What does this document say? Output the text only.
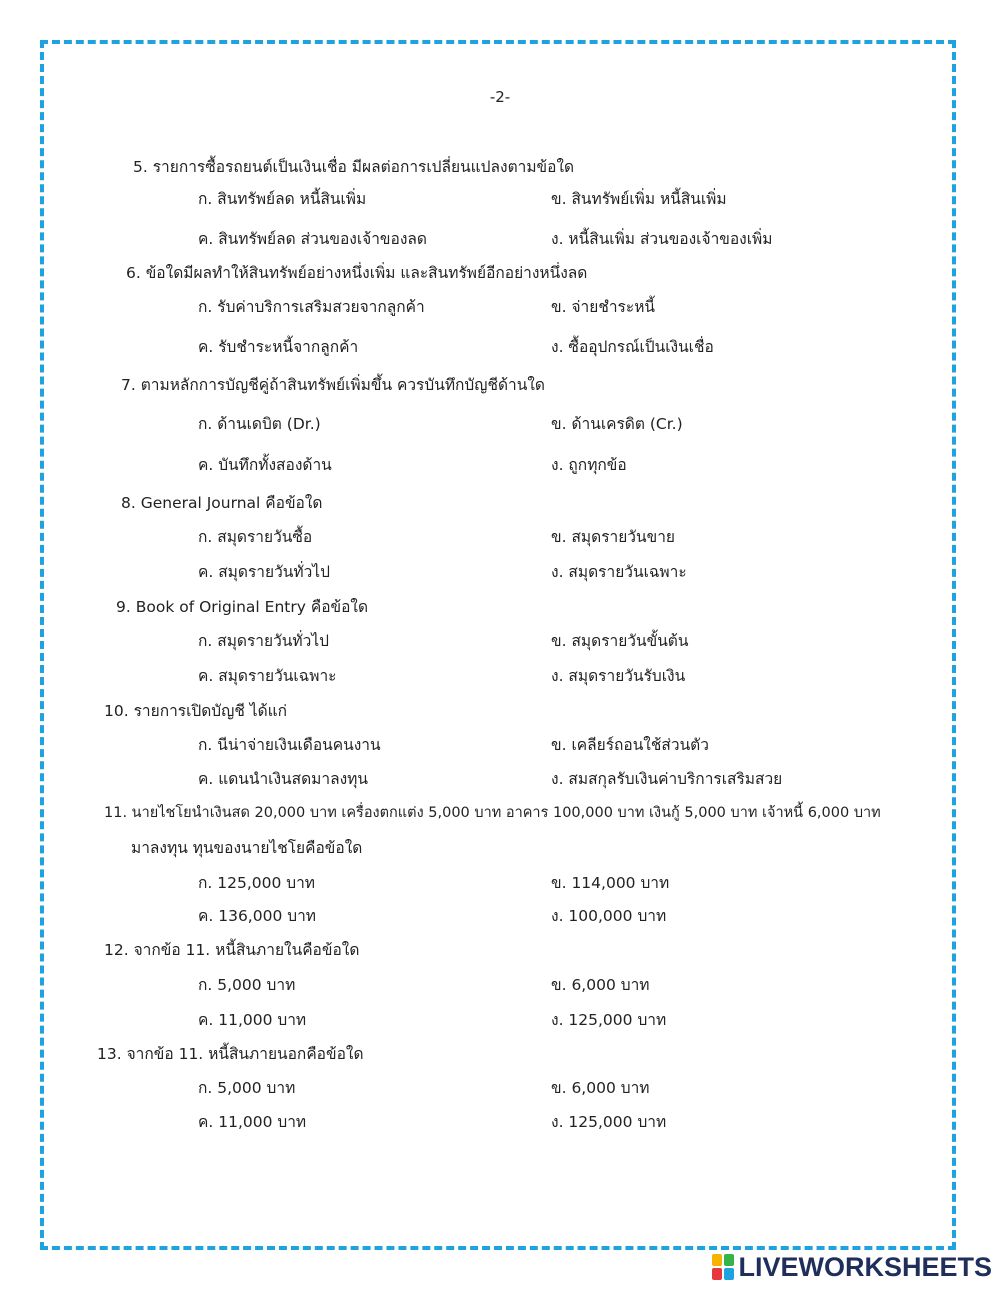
-2-
5. รายการซื้อรถยนต์เป็นเงินเชื่อ มีผลต่อการเปลี่ยนแปลงตามข้อใด
ก. สินทรัพย์ลด หนี้สินเพิ่ม	ข. สินทรัพย์เพิ่ม หนี้สินเพิ่ม
ค. สินทรัพย์ลด ส่วนของเจ้าของลด	ง. หนี้สินเพิ่ม ส่วนของเจ้าของเพิ่ม
6. ข้อใดมีผลทำให้สินทรัพย์อย่างหนึ่งเพิ่ม และสินทรัพย์อีกอย่างหนึ่งลด
ก. รับค่าบริการเสริมสวยจากลูกค้า	ข. จ่ายชำระหนี้
ค. รับชำระหนี้จากลูกค้า	ง. ซื้ออุปกรณ์เป็นเงินเชื่อ
7. ตามหลักการบัญชีคู่ถ้าสินทรัพย์เพิ่มขึ้น ควรบันทึกบัญชีด้านใด
ก. ด้านเดบิต (Dr.)	ข. ด้านเครดิต (Cr.)
ค. บันทึกทั้งสองด้าน	ง. ถูกทุกข้อ
8. General Journal คือข้อใด
ก. สมุดรายวันซื้อ	ข. สมุดรายวันขาย
ค. สมุดรายวันทั่วไป	ง. สมุดรายวันเฉพาะ
9. Book of Original Entry คือข้อใด
ก. สมุดรายวันทั่วไป	ข. สมุดรายวันขั้นต้น
ค. สมุดรายวันเฉพาะ	ง. สมุดรายวันรับเงิน
10. รายการเปิดบัญชี ได้แก่
ก. นีน่าจ่ายเงินเดือนคนงาน	ข. เคลียร์ถอนใช้ส่วนตัว
ค. แดนนำเงินสดมาลงทุน	ง. สมสกุลรับเงินค่าบริการเสริมสวย
11. นายไชโยนำเงินสด 20,000 บาท เครื่องตกแต่ง 5,000 บาท อาคาร 100,000 บาท เงินกู้ 5,000 บาท เจ้าหนี้ 6,000 บาท
มาลงทุน ทุนของนายไชโยคือข้อใด
ก. 125,000 บาท	ข. 114,000 บาท
ค. 136,000 บาท	ง. 100,000 บาท
12. จากข้อ 11. หนี้สินภายในคือข้อใด
ก. 5,000 บาท	ข. 6,000 บาท
ค. 11,000 บาท	ง. 125,000 บาท
13. จากข้อ 11. หนี้สินภายนอกคือข้อใด
ก. 5,000 บาท	ข. 6,000 บาท
ค. 11,000 บาท	ง. 125,000 บาท
LIVEWORKSHEETS
